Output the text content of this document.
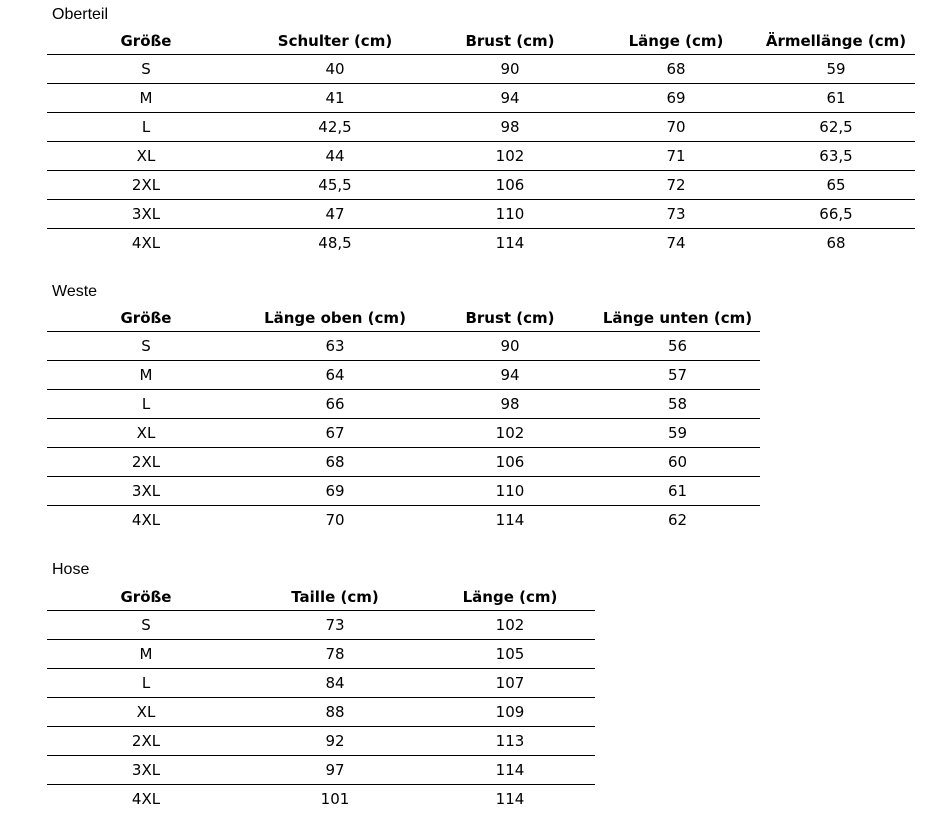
Oberteil
Größe	Schulter (cm)	Brust (cm)	Länge (cm)	Ärmellänge (cm)
S	40	90	68	59
M	41	94	69	61
L	42,5	98	70	62,5
XL	44	102	71	63,5
2XL	45,5	106	72	65
3XL	47	110	73	66,5
4XL	48,5	114	74	68
Weste
Größe	Länge oben (cm)	Brust (cm)	Länge unten (cm)
S	63	90	56
M	64	94	57
L	66	98	58
XL	67	102	59
2XL	68	106	60
3XL	69	110	61
4XL	70	114	62
Hose
Größe	Taille (cm)	Länge (cm)
S	73	102
M	78	105
L	84	107
XL	88	109
2XL	92	113
3XL	97	114
4XL	101	114
